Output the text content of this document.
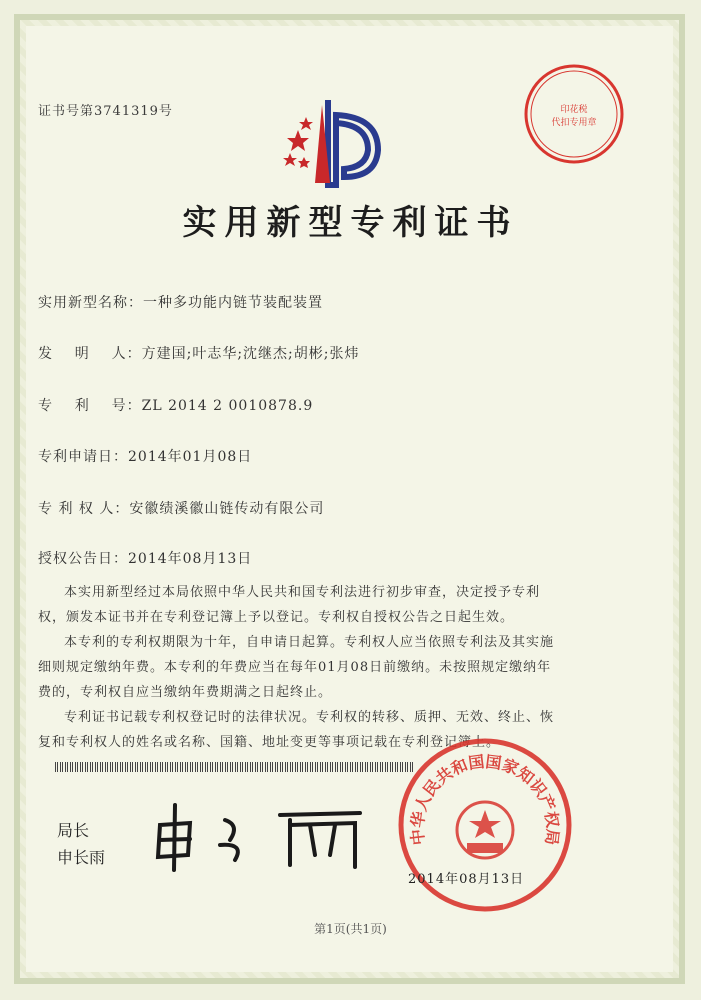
印花税
代扣专用章
证书号第3741319号
实用新型专利证书
实用新型名称：一种多功能内链节装配装置
发    明    人：方建国;叶志华;沈继杰;胡彬;张炜
专    利    号：ZL 2014 2 0010878.9
专利申请日：2014年01月08日
专 利 权 人：安徽绩溪徽山链传动有限公司
授权公告日：2014年08月13日

本实用新型经过本局依照中华人民共和国专利法进行初步审查，决定授予专利权，颁发本证书并在专利登记簿上予以登记。专利权自授权公告之日起生效。

本专利的专利权期限为十年，自申请日起算。专利权人应当依照专利法及其实施细则规定缴纳年费。本专利的年费应当在每年01月08日前缴纳。未按照规定缴纳年费的，专利权自应当缴纳年费期满之日起终止。

专利证书记载专利权登记时的法律状况。专利权的转移、质押、无效、终止、恢复和专利权人的姓名或名称、国籍、地址变更等事项记载在专利登记簿上。

局长
申长雨
中华人民共和国国家知识产权局
2014年08月13日
第1页(共1页)
